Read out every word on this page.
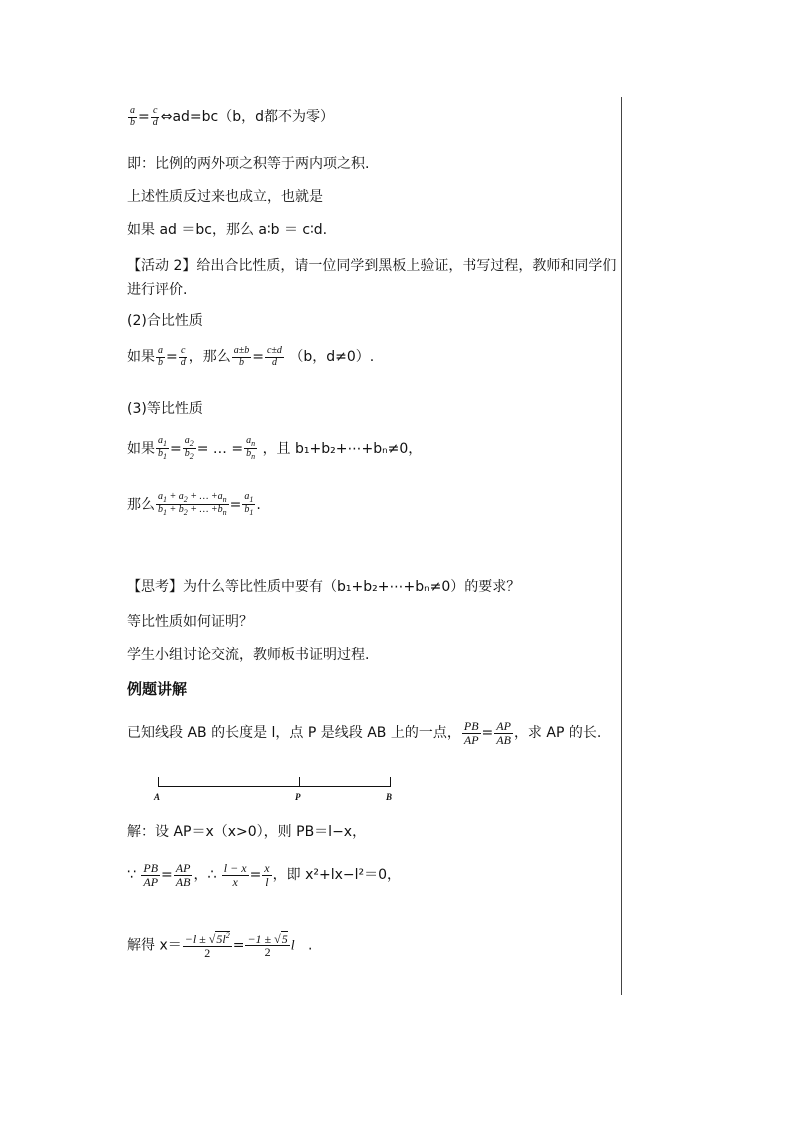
$\frac{a}{b} = \frac{c}{d}$ ⇔ad=bc（b，d都不为零）
即：比例的两外项之积等于两内项之积.
上述性质反过来也成立，也就是
如果 ad ＝bc，那么 a∶b ＝ c∶d.
【活动 2】给出合比性质，请一位同学到黑板上验证，书写过程，教师和同学们
进行评价.
(2)合比性质
如果 $\frac{a}{b} = \frac{c}{d}$ ，那么 $\frac{a\pm b}{b} = \frac{c\pm d}{d} (b$，d≠0）.
(3)等比性质
如果 $\frac{a_1}{b_1} = \frac{a_2}{b_2}$ = … = $\frac{a_n}{b_n}$ ，且 b₁+b₂+⋯+bₙ≠0，
那么 $\frac{a_1 + a_2 + \dots +a_n}{b_1 + b_2 + \dots +b_n} = \frac{a_1}{b_1}$ .
【思考】为什么等比性质中要有（b₁+b₂+⋯+bₙ≠0）的要求？
等比性质如何证明？
学生小组讨论交流，教师板书证明过程.
例题讲解
已知线段 AB 的长度是 l，点 P 是线段 AB 上的一点， $\frac{PB}{AP} = \frac{AP}{AB}$ ，求 AP 的长.
A	P	B
解：设 AP＝x（x>0），则 PB＝l−x，
∵ $\frac{PB}{AP} = \frac{AP}{AB}$ ，∴ $\frac{l - x}{x} = \frac{x}{l}$ ，即 x²+lx−l²＝0，
解得 $x= \frac{-l \pm √5l^2}{2} = \frac{-1 \pm √5}{2}$ l .
